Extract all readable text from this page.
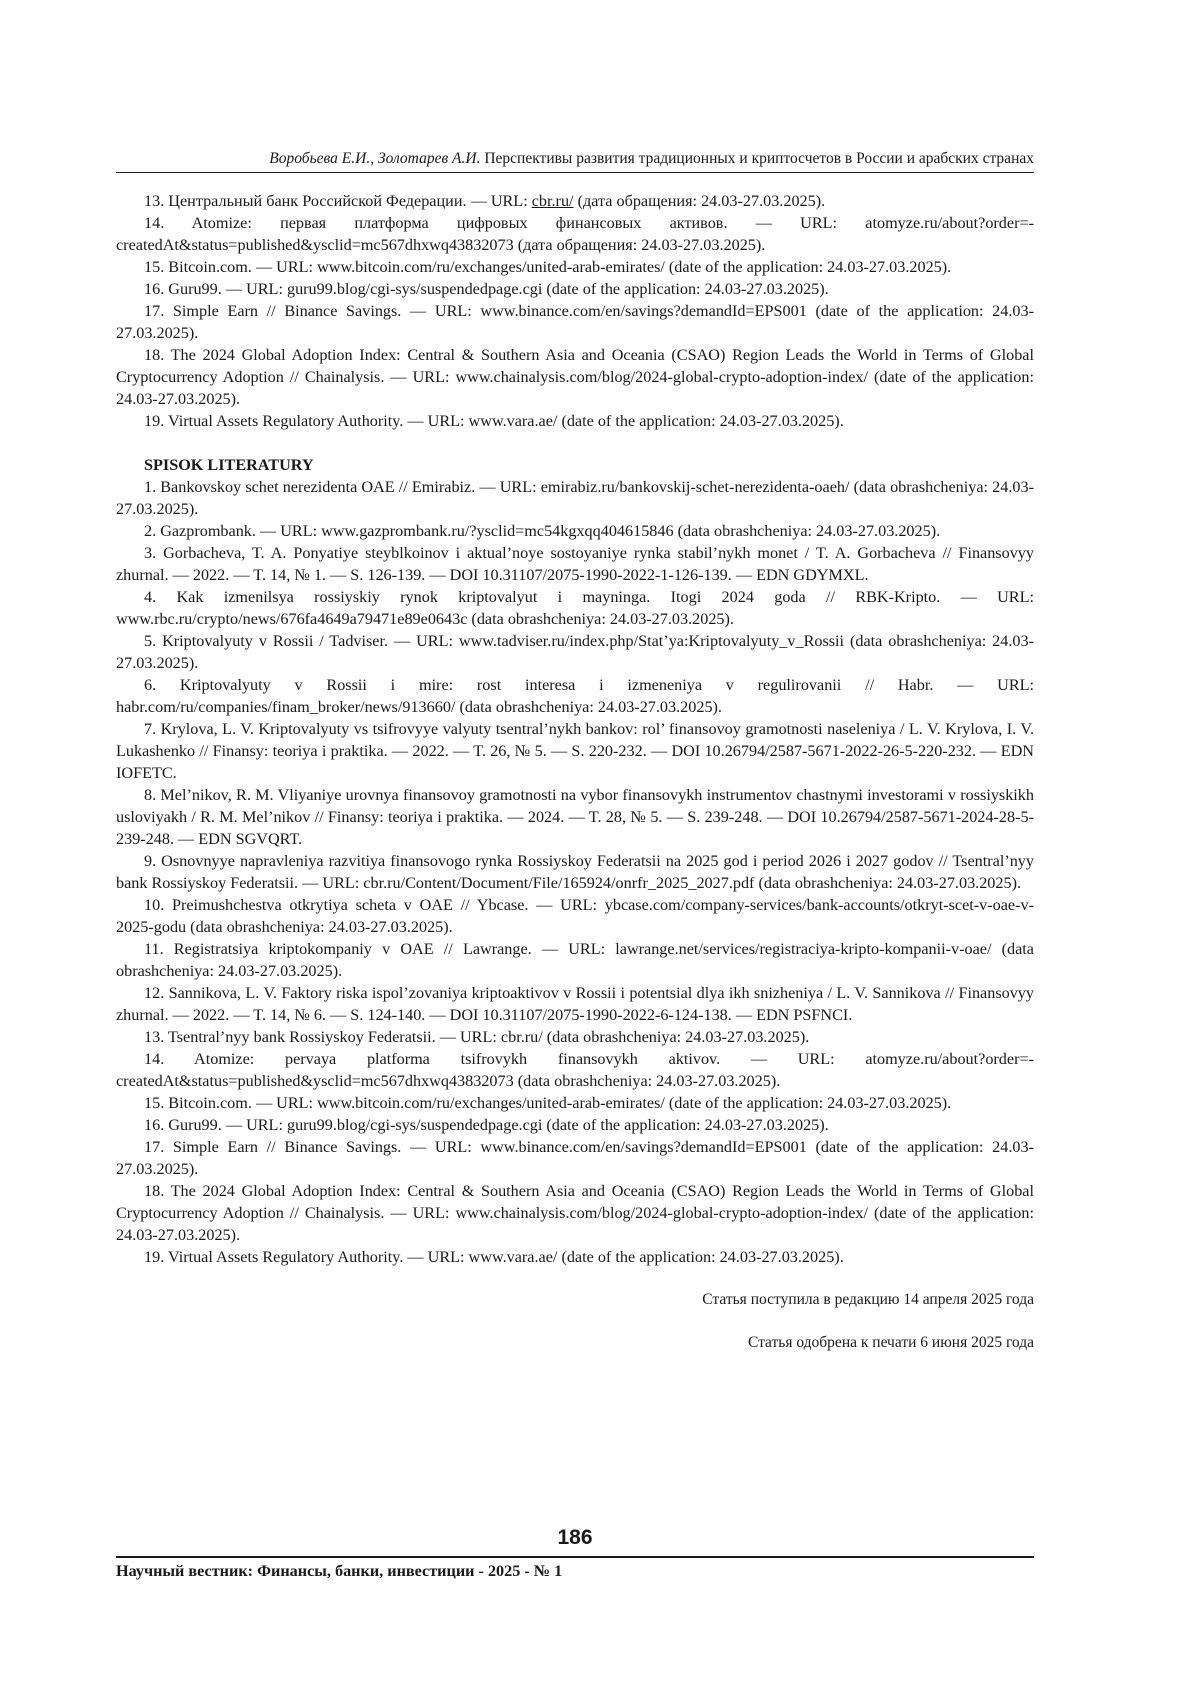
Воробьева Е.И., Золотарев А.И. Перспективы развития традиционных и криптосчетов в России и арабских странах

13. Центральный банк Российской Федерации. — URL: cbr.ru/ (дата обращения: 24.03-27.03.2025).

14. Atomize: первая платформа цифровых финансовых активов. — URL: atomyze.ru/about?order=-createdAt&status=published&ysclid=mc567dhxwq43832073 (дата обращения: 24.03-27.03.2025).

15. Bitcoin.com. — URL: www.bitcoin.com/ru/exchanges/united-arab-emirates/ (date of the application: 24.03-27.03.2025).

16. Guru99. — URL: guru99.blog/cgi-sys/suspendedpage.cgi (date of the application: 24.03-27.03.2025).

17. Simple Earn // Binance Savings. — URL: www.binance.com/en/savings?demandId=EPS001 (date of the application: 24.03-27.03.2025).

18. The 2024 Global Adoption Index: Central & Southern Asia and Oceania (CSAO) Region Leads the World in Terms of Global Cryptocurrency Adoption // Chainalysis. — URL: www.chainalysis.com/blog/2024-global-crypto-adoption-index/ (date of the application: 24.03-27.03.2025).

19. Virtual Assets Regulatory Authority. — URL: www.vara.ae/ (date of the application: 24.03-27.03.2025).

SPISOK LITERATURY

1. Bankovskoy schet nerezidenta OAE // Emirabiz. — URL: emirabiz.ru/bankovskij-schet-nerezidenta-oaeh/ (data obrashcheniya: 24.03-27.03.2025).

2. Gazprombank. — URL: www.gazprombank.ru/?ysclid=mc54kgxqq404615846 (data obrashcheniya: 24.03-27.03.2025).

3. Gorbacheva, T. A. Ponyatiye steyblkoinov i aktual’noye sostoyaniye rynka stabil’nykh monet / T. A. Gorbacheva // Finansovyy zhurnal. — 2022. — T. 14, № 1. — S. 126-139. — DOI 10.31107/2075-1990-2022-1-126-139. — EDN GDYMXL.

4. Kak izmenilsya rossiyskiy rynok kriptovalyut i mayninga. Itogi 2024 goda // RBK-Kripto. — URL: www.rbc.ru/crypto/news/676fa4649a79471e89e0643c (data obrashcheniya: 24.03-27.03.2025).

5. Kriptovalyuty v Rossii / Tadviser. — URL: www.tadviser.ru/index.php/Stat’ya:Kriptovalyuty_v_Rossii (data obrashcheniya: 24.03-27.03.2025).

6. Kriptovalyuty v Rossii i mire: rost interesa i izmeneniya v regulirovanii // Habr. — URL: habr.com/ru/companies/finam_broker/news/913660/ (data obrashcheniya: 24.03-27.03.2025).

7. Krylova, L. V. Kriptovalyuty vs tsifrovyye valyuty tsentral’nykh bankov: rol’ finansovoy gramotnosti naseleniya / L. V. Krylova, I. V. Lukashenko // Finansy: teoriya i praktika. — 2022. — T. 26, № 5. — S. 220-232. — DOI 10.26794/2587-5671-2022-26-5-220-232. — EDN IOFETC.

8. Mel’nikov, R. M. Vliyaniye urovnya finansovoy gramotnosti na vybor finansovykh instrumentov chastnymi investorami v rossiyskikh usloviyakh / R. M. Mel’nikov // Finansy: teoriya i praktika. — 2024. — T. 28, № 5. — S. 239-248. — DOI 10.26794/2587-5671-2024-28-5-239-248. — EDN SGVQRT.

9. Osnovnyye napravleniya razvitiya finansovogo rynka Rossiyskoy Federatsii na 2025 god i period 2026 i 2027 godov // Tsentral’nyy bank Rossiyskoy Federatsii. — URL: cbr.ru/Content/Document/File/165924/onrfr_2025_2027.pdf (data obrashcheniya: 24.03-27.03.2025).

10. Preimushchestva otkrytiya scheta v OAE // Ybcase. — URL: ybcase.com/company-services/bank-accounts/otkryt-scet-v-oae-v-2025-godu (data obrashcheniya: 24.03-27.03.2025).

11. Registratsiya kriptokompaniy v OAE // Lawrange. — URL: lawrange.net/services/registraciya-kripto-kompanii-v-oae/ (data obrashcheniya: 24.03-27.03.2025).

12. Sannikova, L. V. Faktory riska ispol’zovaniya kriptoaktivov v Rossii i potentsial dlya ikh snizheniya / L. V. Sannikova // Finansovyy zhurnal. — 2022. — T. 14, № 6. — S. 124-140. — DOI 10.31107/2075-1990-2022-6-124-138. — EDN PSFNCI.

13. Tsentral’nyy bank Rossiyskoy Federatsii. — URL: cbr.ru/ (data obrashcheniya: 24.03-27.03.2025).

14. Atomize: pervaya platforma tsifrovykh finansovykh aktivov. — URL: atomyze.ru/about?order=-createdAt&status=published&ysclid=mc567dhxwq43832073 (data obrashcheniya: 24.03-27.03.2025).

15. Bitcoin.com. — URL: www.bitcoin.com/ru/exchanges/united-arab-emirates/ (date of the application: 24.03-27.03.2025).

16. Guru99. — URL: guru99.blog/cgi-sys/suspendedpage.cgi (date of the application: 24.03-27.03.2025).

17. Simple Earn // Binance Savings. — URL: www.binance.com/en/savings?demandId=EPS001 (date of the application: 24.03-27.03.2025).

18. The 2024 Global Adoption Index: Central & Southern Asia and Oceania (CSAO) Region Leads the World in Terms of Global Cryptocurrency Adoption // Chainalysis. — URL: www.chainalysis.com/blog/2024-global-crypto-adoption-index/ (date of the application: 24.03-27.03.2025).

19. Virtual Assets Regulatory Authority. — URL: www.vara.ae/ (date of the application: 24.03-27.03.2025).

Статья поступила в редакцию 14 апреля 2025 года
Статья одобрена к печати 6 июня 2025 года
186
Научный вестник: Финансы, банки, инвестиции - 2025 - № 1
